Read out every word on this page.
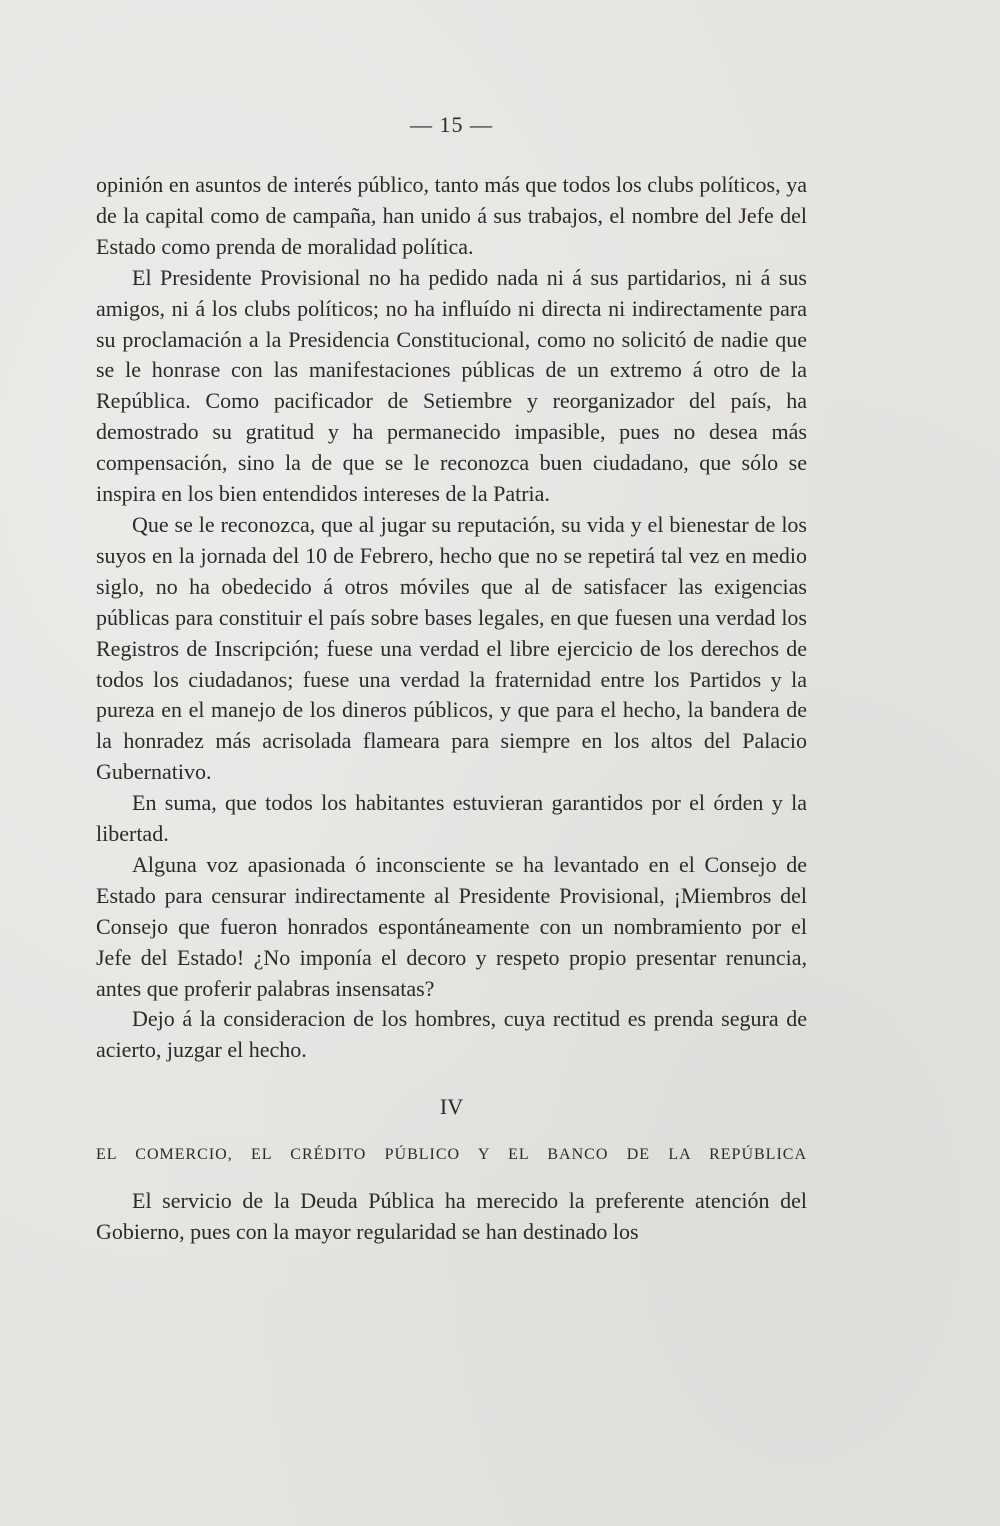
— 15 —

opinión en asuntos de interés público, tanto más que todos los clubs políticos, ya de la capital como de campaña, han unido á sus trabajos, el nombre del Jefe del Estado como prenda de moralidad política.

El Presidente Provisional no ha pedido nada ni á sus partidarios, ni á sus amigos, ni á los clubs políticos; no ha influído ni directa ni indirectamente para su proclamación a la Presidencia Constitucional, como no solicitó de nadie que se le honrase con las manifestaciones públicas de un extremo á otro de la República. Como pacificador de Setiembre y reorganizador del país, ha demostrado su gratitud y ha permanecido impasible, pues no desea más compensación, sino la de que se le reconozca buen ciudadano, que sólo se inspira en los bien entendidos intereses de la Patria.

Que se le reconozca, que al jugar su reputación, su vida y el bienestar de los suyos en la jornada del 10 de Febrero, hecho que no se repetirá tal vez en medio siglo, no ha obedecido á otros móviles que al de satisfacer las exigencias públicas para constituir el país sobre bases legales, en que fuesen una verdad los Registros de Inscripción; fuese una verdad el libre ejercicio de los derechos de todos los ciudadanos; fuese una verdad la fraternidad entre los Partidos y la pureza en el manejo de los dineros públicos, y que para el hecho, la bandera de la honradez más acrisolada flameara para siempre en los altos del Palacio Gubernativo.

En suma, que todos los habitantes estuvieran garantidos por el órden y la libertad.

Alguna voz apasionada ó inconsciente se ha levantado en el Consejo de Estado para censurar indirectamente al Presidente Provisional, ¡Miembros del Consejo que fueron honrados espontáneamente con un nombramiento por el Jefe del Estado! ¿No imponía el decoro y respeto propio presentar renuncia, antes que proferir palabras insensatas?

Dejo á la consideracion de los hombres, cuya rectitud es prenda segura de acierto, juzgar el hecho.

IV
EL COMERCIO, EL CRÉDITO PÚBLICO Y EL BANCO DE LA REPÚBLICA

El servicio de la Deuda Pública ha merecido la preferente atención del Gobierno, pues con la mayor regularidad se han destinado los
